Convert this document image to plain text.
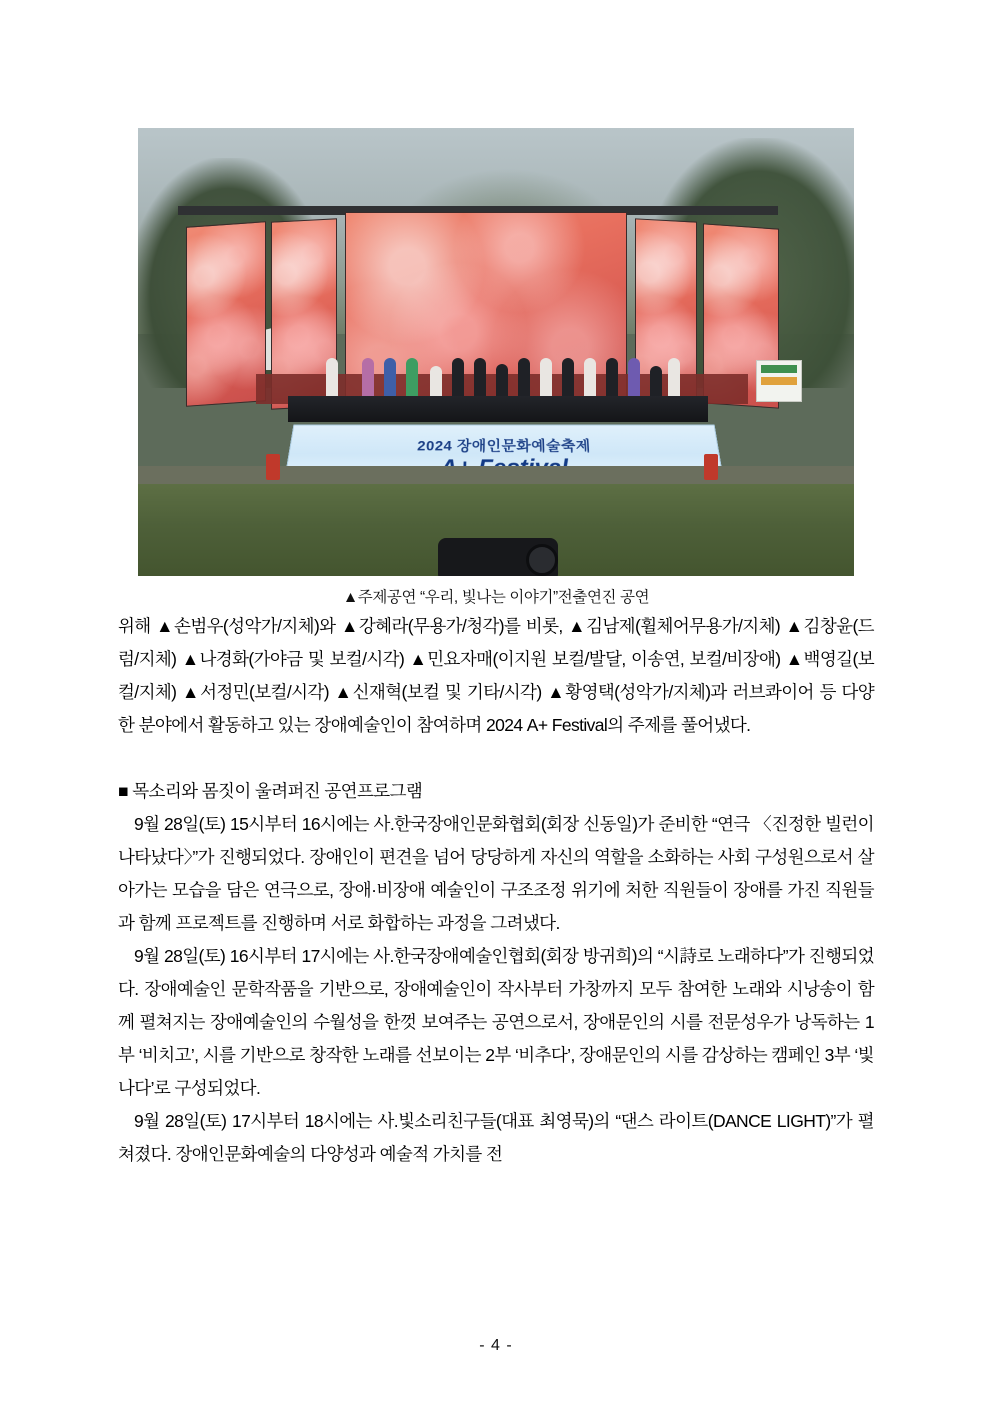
2024 장애인문화예술축제
▲주제공연 “우리, 빛나는 이야기”전출연진 공연

위해 ▲손범우(성악가/지체)와 ▲강혜라(무용가/청각)를 비롯, ▲김남제(휠체어무용가/지체) ▲김창윤(드럼/지체) ▲나경화(가야금 및 보컬/시각) ▲민요자매(이지원 보컬/발달, 이송연, 보컬/비장애) ▲백영길(보컬/지체) ▲서정민(보컬/시각) ▲신재혁(보컬 및 기타/시각) ▲황영택(성악가/지체)과 러브콰이어 등 다양한 분야에서 활동하고 있는 장애예술인이 참여하며 2024 A+ Festival의 주제를 풀어냈다.

■ 목소리와 몸짓이 울려퍼진 공연프로그램

9월 28일(토) 15시부터 16시에는 사.한국장애인문화협회(회장 신동일)가 준비한 “연극 〈진정한 빌런이 나타났다〉”가 진행되었다. 장애인이 편견을 넘어 당당하게 자신의 역할을 소화하는 사회 구성원으로서 살아가는 모습을 담은 연극으로, 장애·비장애 예술인이 구조조정 위기에 처한 직원들이 장애를 가진 직원들과 함께 프로젝트를 진행하며 서로 화합하는 과정을 그려냈다.

9월 28일(토) 16시부터 17시에는 사.한국장애예술인협회(회장 방귀희)의 “시詩로 노래하다”가 진행되었다. 장애예술인 문학작품을 기반으로, 장애예술인이 작사부터 가창까지 모두 참여한 노래와 시낭송이 함께 펼쳐지는 장애예술인의 수월성을 한껏 보여주는 공연으로서, 장애문인의 시를 전문성우가 낭독하는 1부 ‘비치고’, 시를 기반으로 창작한 노래를 선보이는 2부 ‘비추다’, 장애문인의 시를 감상하는 캠페인 3부 ‘빛나다’로 구성되었다.

9월 28일(토) 17시부터 18시에는 사.빛소리친구들(대표 최영묵)의 “댄스 라이트(DANCE LIGHT)”가 펼쳐졌다. 장애인문화예술의 다양성과 예술적 가치를 전

- 4 -
